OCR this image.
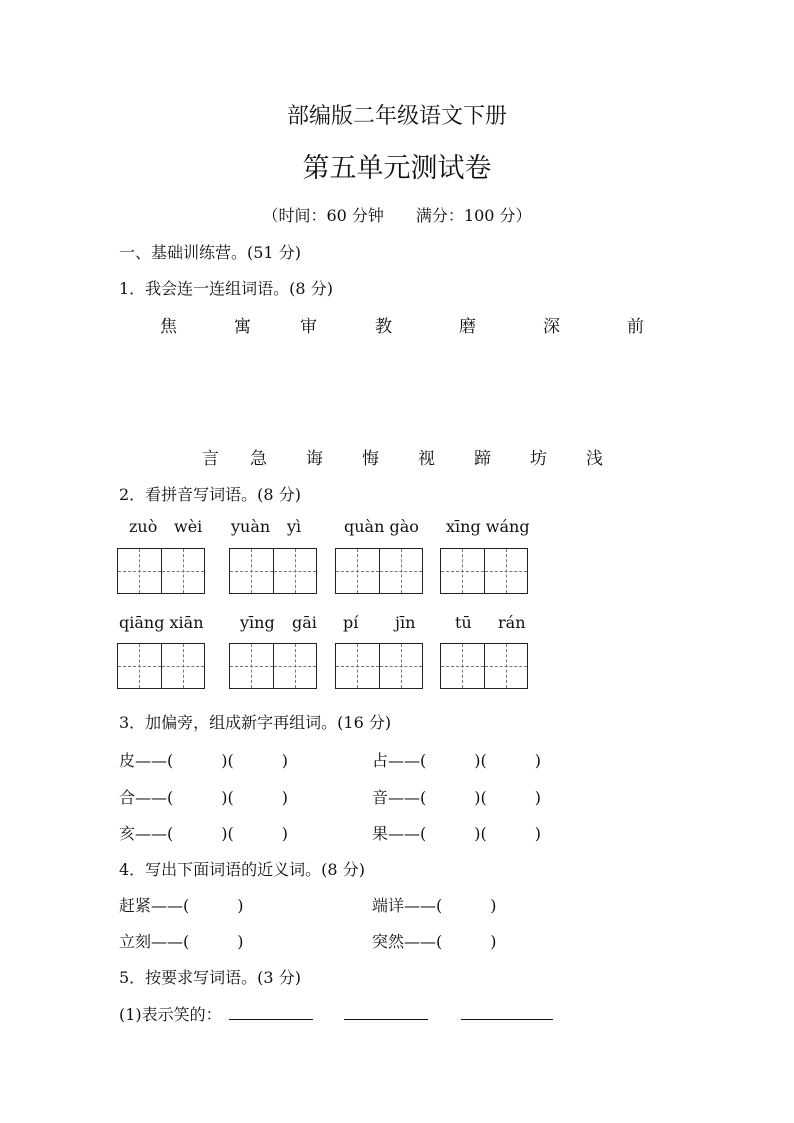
部编版二年级语文下册
第五单元测试卷
（时间：60 分钟　　满分：100 分）
一、基础训练营。(51 分)
1．我会连一连组词语。(8 分)
焦	寓	审	教	磨	深	前
言 急 诲 悔 视 蹄 坊 浅
2．看拼音写词语。(8 分)
zuò wèi yuàn yì	quàn gào xīng wáng
qiāng xiān yīng gāi pí jīn tū rán
3．加偏旁，组成新字再组词。(16 分)
皮——(　　　)(　　　)	占——(　　　)(　　　)
合——(　　　)(　　　)	音——(　　　)(　　　)
亥——(　　　)(　　　)	果——(　　　)(　　　)
4．写出下面词语的近义词。(8 分)
赶紧——(　　　)	端详——(　　　)
立刻——(　　　)	突然——(　　　)
5．按要求写词语。(3 分)
(1)表示笑的：
